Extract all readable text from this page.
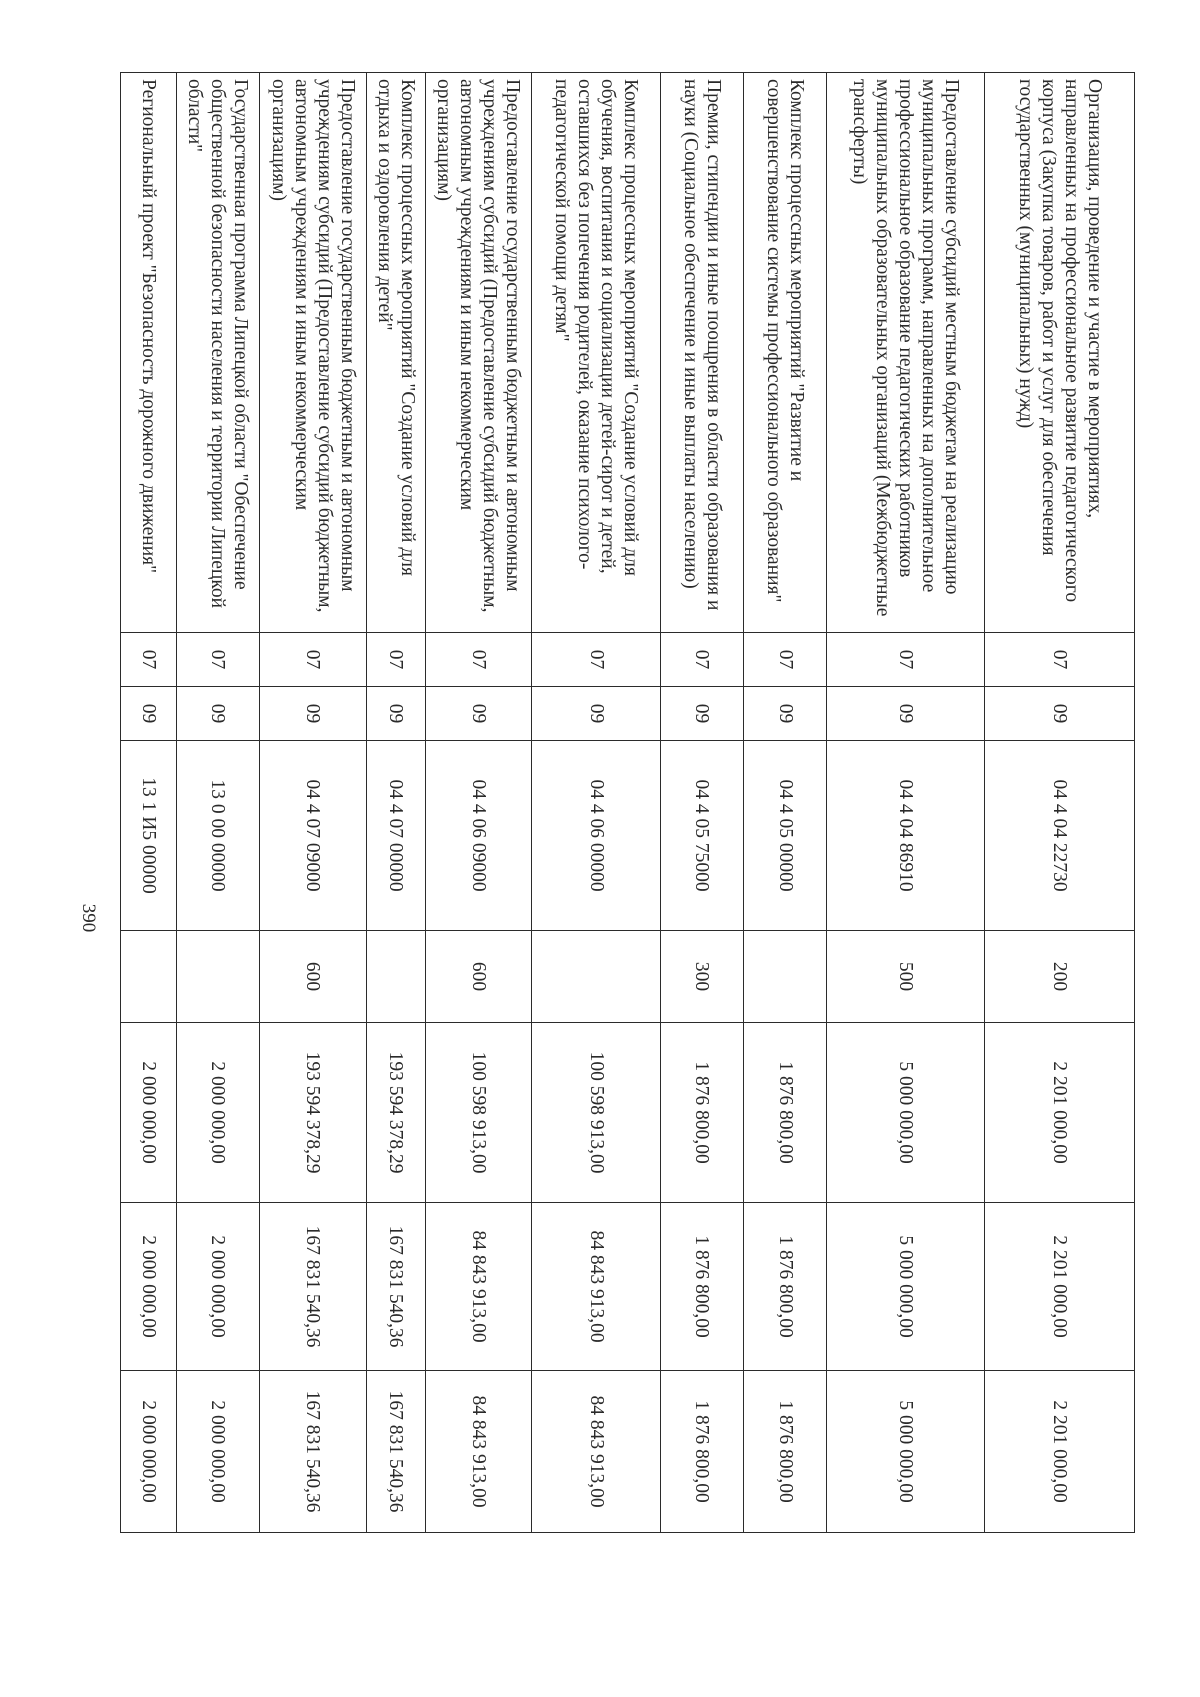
390
Организация, проведение и участие в мероприятиях, направленных на профессиональное развитие педагогического корпуса (Закупка товаров, работ и услуг для обеспечения государственных (муниципальных) нужд)	07	09	04 4 04 22730	200	2 201 000,00	2 201 000,00	2 201 000,00
Предоставление субсидий местным бюджетам на реализацию муниципальных программ, направленных на дополнительное профессиональное образование педагогических работников муниципальных образовательных организаций (Межбюджетные трансферты)	07	09	04 4 04 86910	500	5 000 000,00	5 000 000,00	5 000 000,00
Комплекс процессных мероприятий "Развитие и совершенствование системы профессионального образования"	07	09	04 4 05 00000		1 876 800,00	1 876 800,00	1 876 800,00
Премии, стипендии и иные поощрения в области образования и науки (Социальное обеспечение и иные выплаты населению)	07	09	04 4 05 75000	300	1 876 800,00	1 876 800,00	1 876 800,00
Комплекс процессных мероприятий "Создание условий для обучения, воспитания и социализации детей-сирот и детей, оставшихся без попечения родителей, оказание психолого-педагогической помощи детям"	07	09	04 4 06 00000		100 598 913,00	84 843 913,00	84 843 913,00
Предоставление государственным бюджетным и автономным учреждениям субсидий (Предоставление субсидий бюджетным, автономным учреждениям и иным некоммерческим организациям)	07	09	04 4 06 09000	600	100 598 913,00	84 843 913,00	84 843 913,00
Комплекс процессных мероприятий "Создание условий для отдыха и оздоровления детей"	07	09	04 4 07 00000		193 594 378,29	167 831 540,36	167 831 540,36
Предоставление государственным бюджетным и автономным учреждениям субсидий (Предоставление субсидий бюджетным, автономным учреждениям и иным некоммерческим организациям)	07	09	04 4 07 09000	600	193 594 378,29	167 831 540,36	167 831 540,36
Государственная программа Липецкой области "Обеспечение общественной безопасности населения и территории Липецкой области"	07	09	13 0 00 00000		2 000 000,00	2 000 000,00	2 000 000,00
Региональный проект "Безопасность дорожного движения"	07	09	13 1 И5 00000		2 000 000,00	2 000 000,00	2 000 000,00
